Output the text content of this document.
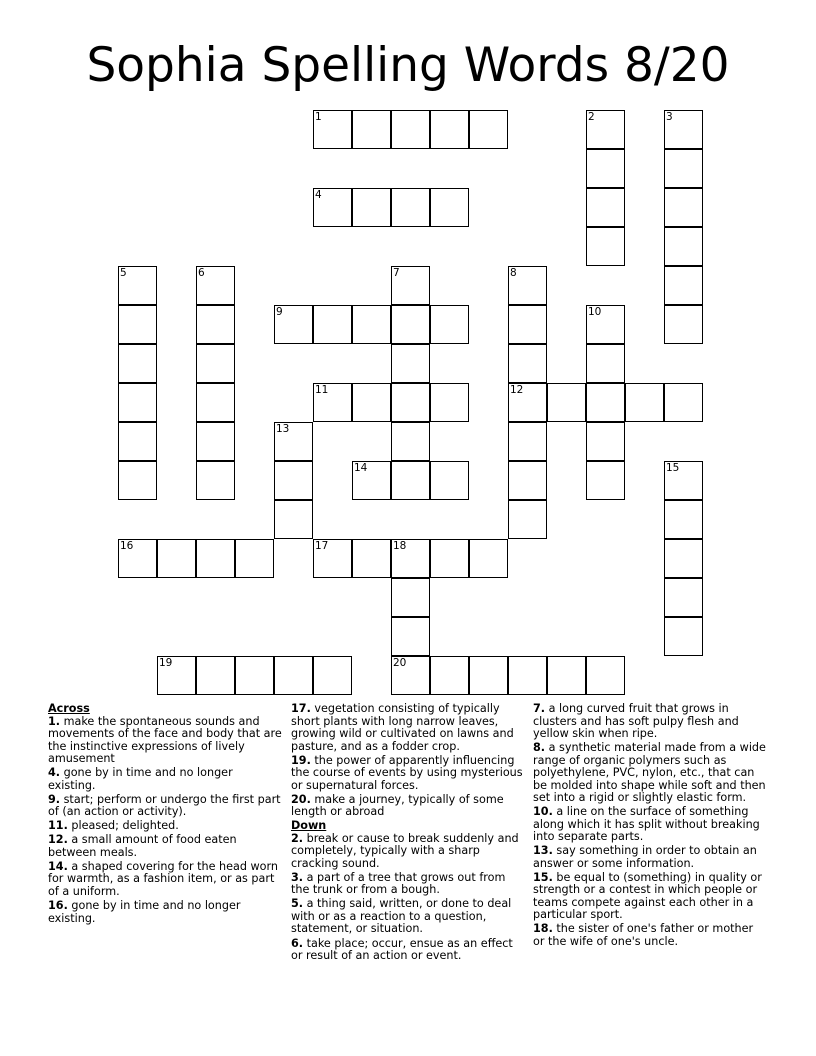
Sophia Spelling Words 8/20
1	2	3
4
5	6	7	8
12
9	10
11
13
14	15
16	17	18
20
19
Across
1. make the spontaneous sounds and movements of the face and body that are the instinctive expressions of lively amusement
4. gone by in time and no longer existing.
9. start; perform or undergo the first part of (an action or activity).
11. pleased; delighted.
12. a small amount of food eaten between meals.
14. a shaped covering for the head worn for warmth, as a fashion item, or as part of a uniform.
16. gone by in time and no longer existing.
17. vegetation consisting of typically short plants with long narrow leaves, growing wild or cultivated on lawns and pasture, and as a fodder crop.
19. the power of apparently influencing the course of events by using mysterious or supernatural forces.
20. make a journey, typically of some length or abroad
Down
2. break or cause to break suddenly and completely, typically with a sharp cracking sound.
3. a part of a tree that grows out from the trunk or from a bough.
5. a thing said, written, or done to deal with or as a reaction to a question, statement, or situation.
6. take place; occur, ensue as an effect or result of an action or event.
7. a long curved fruit that grows in clusters and has soft pulpy flesh and yellow skin when ripe.
8. a synthetic material made from a wide range of organic polymers such as polyethylene, PVC, nylon, etc., that can be molded into shape while soft and then set into a rigid or slightly elastic form.
10. a line on the surface of something along which it has split without breaking into separate parts.
13. say something in order to obtain an answer or some information.
15. be equal to (something) in quality or strength or a contest in which people or teams compete against each other in a particular sport.
18. the sister of one's father or mother or the wife of one's uncle.
